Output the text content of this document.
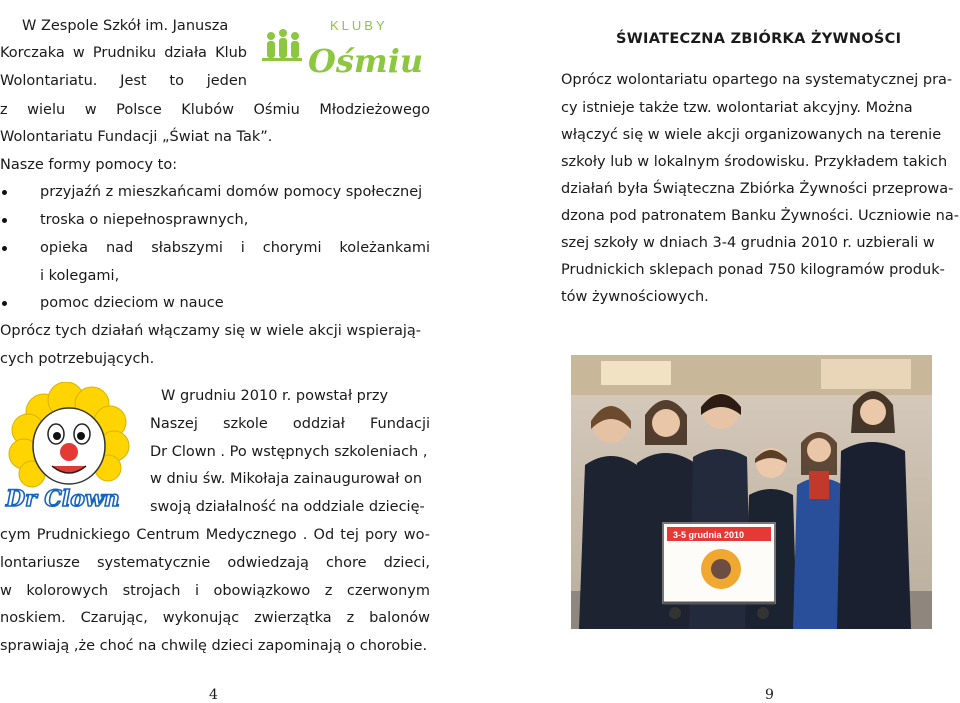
W Zespole Szkół im. Janusza

Korczaka w Prudniku działa Klub

Wolontariatu. Jest to jeden

z wielu w Polsce Klubów Ośmiu Młodzieżowego

Wolontariatu Fundacji „Świat na Tak”.

KLUBY
Ośmiu

Nasze formy pomocy to:

przyjaźń z mieszkańcami domów pomocy społecznej

troska o niepełnosprawnych,

opieka nad słabszymi i chorymi koleżankami

i kolegami,

pomoc dzieciom w nauce

Oprócz tych działań włączamy się w wiele akcji wspierają-

cych potrzebujących.

Dr Clown

W grudniu 2010 r. powstał przy

Naszej szkole oddział Fundacji

Dr Clown . Po wstępnych szkoleniach ,

w dniu św. Mikołaja zainaugurował on

swoją działalność na oddziale dziecię-

cym Prudnickiego Centrum Medycznego . Od tej pory wo-

lontariusze systematycznie odwiedzają chore dzieci,

w kolorowych strojach i obowiązkowo z czerwonym

noskiem. Czarując, wykonując zwierzątka z balonów

sprawiają ,że choć na chwilę dzieci zapominają o chorobie.

4
ŚWIATECZNA ZBIÓRKA ŻYWNOŚCI

Oprócz wolontariatu opartego na systematycznej pra-

cy istnieje także tzw. wolontariat akcyjny. Można

włączyć się w wiele akcji organizowanych na terenie

szkoły lub w lokalnym środowisku. Przykładem takich

działań była Świąteczna Zbiórka Żywności przeprowa-

dzona pod patronatem Banku Żywności. Uczniowie na-

szej szkoły w dniach 3-4 grudnia 2010 r. uzbierali w

Prudnickich sklepach ponad 750 kilogramów produk-

tów żywnościowych.

3-5 grudnia 2010
9
